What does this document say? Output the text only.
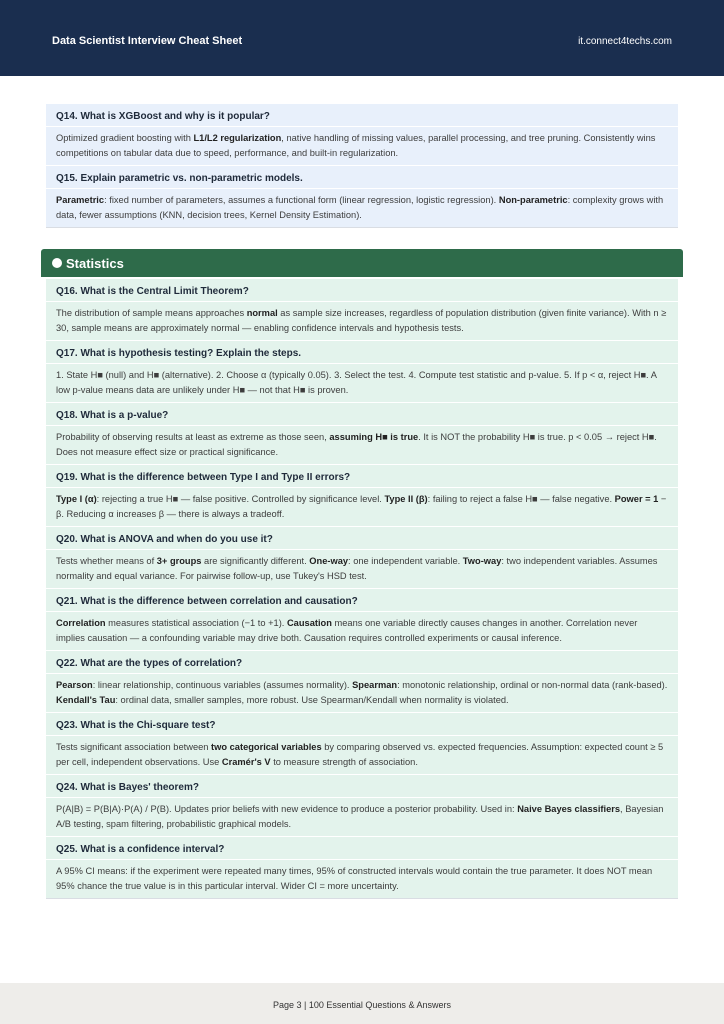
Data Scientist Interview Cheat Sheet	it.connect4techs.com
Q14. What is XGBoost and why is it popular?
Optimized gradient boosting with L1/L2 regularization, native handling of missing values, parallel processing, and tree pruning. Consistently wins competitions on tabular data due to speed, performance, and built-in regularization.
Q15. Explain parametric vs. non-parametric models.
Parametric: fixed number of parameters, assumes a functional form (linear regression, logistic regression). Non-parametric: complexity grows with data, fewer assumptions (KNN, decision trees, Kernel Density Estimation).
Statistics
Q16. What is the Central Limit Theorem?
The distribution of sample means approaches normal as sample size increases, regardless of population distribution (given finite variance). With n ≥ 30, sample means are approximately normal — enabling confidence intervals and hypothesis tests.
Q17. What is hypothesis testing? Explain the steps.
1. State H■ (null) and H■ (alternative). 2. Choose α (typically 0.05). 3. Select the test. 4. Compute test statistic and p-value. 5. If p < α, reject H■. A low p-value means data are unlikely under H■ — not that H■ is proven.
Q18. What is a p-value?
Probability of observing results at least as extreme as those seen, assuming H■ is true. It is NOT the probability H■ is true. p < 0.05 → reject H■. Does not measure effect size or practical significance.
Q19. What is the difference between Type I and Type II errors?
Type I (α): rejecting a true H■ — false positive. Controlled by significance level. Type II (β): failing to reject a false H■ — false negative. Power = 1 − β. Reducing α increases β — there is always a tradeoff.
Q20. What is ANOVA and when do you use it?
Tests whether means of 3+ groups are significantly different. One-way: one independent variable. Two-way: two independent variables. Assumes normality and equal variance. For pairwise follow-up, use Tukey's HSD test.
Q21. What is the difference between correlation and causation?
Correlation measures statistical association (−1 to +1). Causation means one variable directly causes changes in another. Correlation never implies causation — a confounding variable may drive both. Causation requires controlled experiments or causal inference.
Q22. What are the types of correlation?
Pearson: linear relationship, continuous variables (assumes normality). Spearman: monotonic relationship, ordinal or non-normal data (rank-based). Kendall's Tau: ordinal data, smaller samples, more robust. Use Spearman/Kendall when normality is violated.
Q23. What is the Chi-square test?
Tests significant association between two categorical variables by comparing observed vs. expected frequencies. Assumption: expected count ≥ 5 per cell, independent observations. Use Cramér's V to measure strength of association.
Q24. What is Bayes' theorem?
P(A|B) = P(B|A)·P(A) / P(B). Updates prior beliefs with new evidence to produce a posterior probability. Used in: Naive Bayes classifiers, Bayesian A/B testing, spam filtering, probabilistic graphical models.
Q25. What is a confidence interval?
A 95% CI means: if the experiment were repeated many times, 95% of constructed intervals would contain the true parameter. It does NOT mean 95% chance the true value is in this particular interval. Wider CI = more uncertainty.
Page 3 | 100 Essential Questions & Answers
